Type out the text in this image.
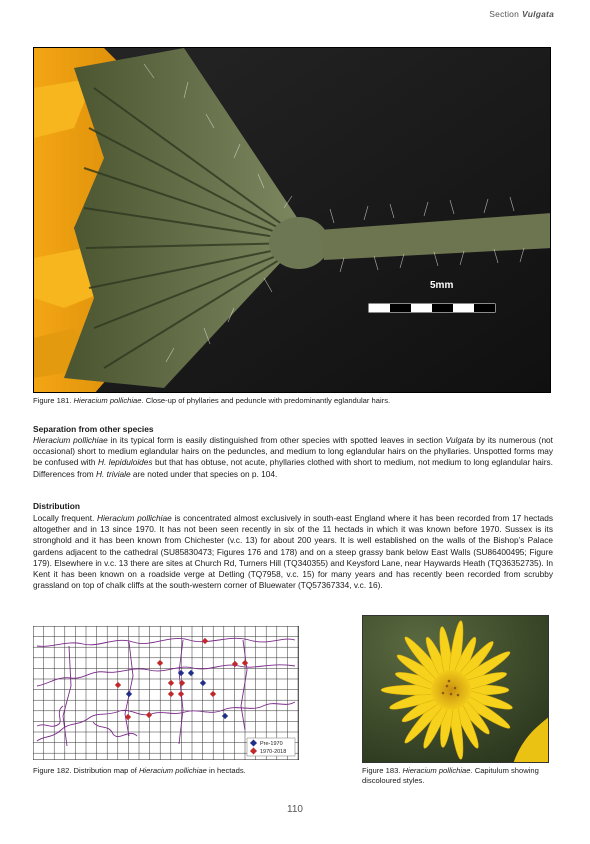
Section Vulgata
5mm
Figure 181. Hieracium pollichiae. Close-up of phyllaries and peduncle with predominantly eglandular hairs.
Separation from other species
Hieracium pollichiae in its typical form is easily distinguished from other species with spotted leaves in section Vulgata by its numerous (not occasional) short to medium eglandular hairs on the peduncles, and medium to long eglandular hairs on the phyllaries. Unspotted forms may be confused with H. lepiduloides but that has obtuse, not acute, phyllaries clothed with short to medium, not medium to long eglandular hairs. Differences from H. triviale are noted under that species on p. 104.
Distribution
Locally frequent. Hieracium pollichiae is concentrated almost exclusively in south-east England where it has been recorded from 17 hectads altogether and in 13 since 1970. It has not been seen recently in six of the 11 hectads in which it was known before 1970. Sussex is its stronghold and it has been known from Chichester (v.c. 13) for about 200 years. It is well established on the walls of the Bishop’s Palace gardens adjacent to the cathedral (SU85830473; Figures 176 and 178) and on a steep grassy bank below East Walls (SU86400495; Figure 179). Elsewhere in v.c. 13 there are sites at Church Rd, Turners Hill (TQ340355) and Keysford Lane, near Haywards Heath (TQ36352735). In Kent it has been known on a roadside verge at Detling (TQ7958, v.c. 15) for many years and has recently been recorded from scrubby grassland on top of chalk cliffs at the south-western corner of Bluewater (TQ57367334, v.c. 16).
Pre-1970
1970-2018
Figure 182. Distribution map of Hieracium pollichiae in hectads.	Figure 183. Hieracium pollichiae. Capitulum showing discoloured styles.
110
